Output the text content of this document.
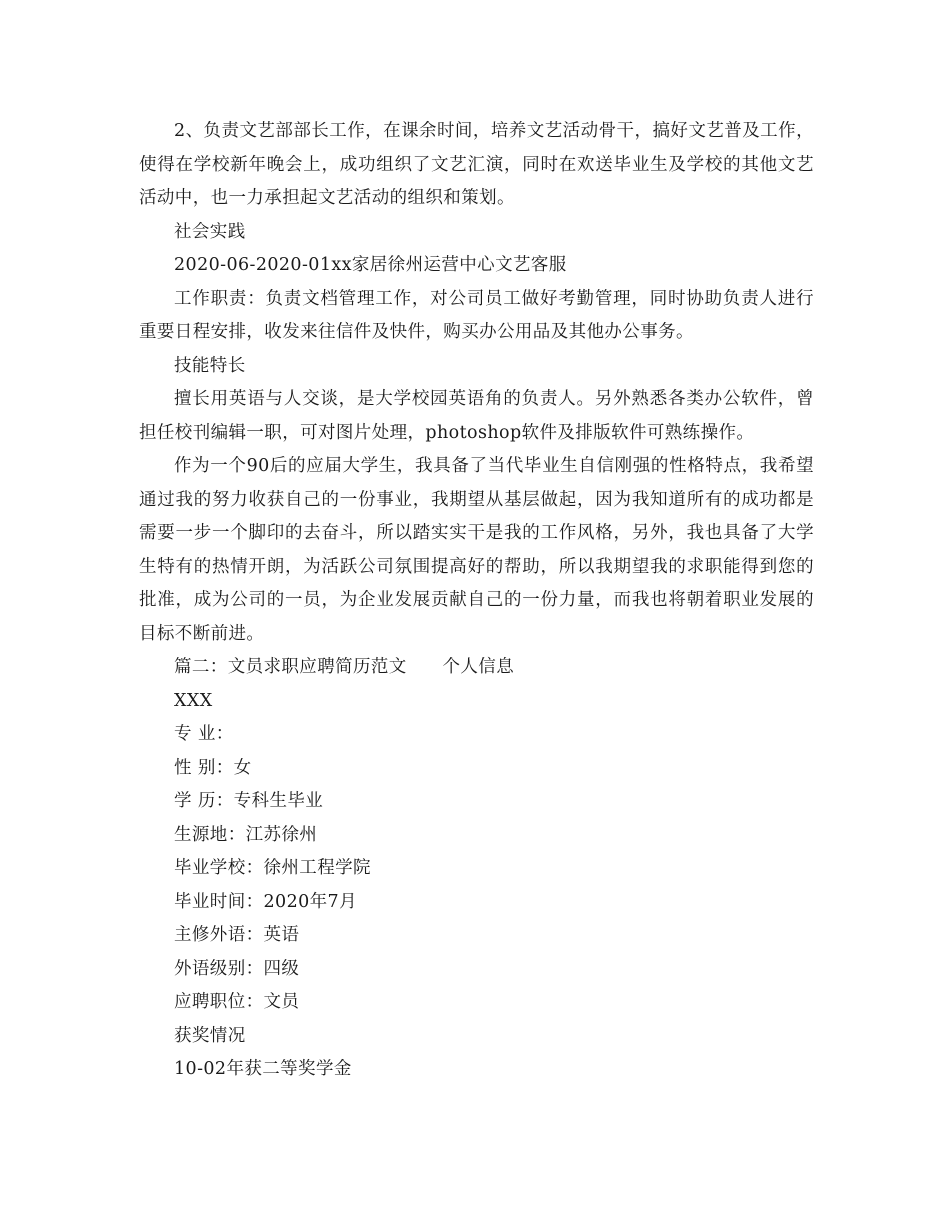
2、负责文艺部部长工作，在课余时间，培养文艺活动骨干，搞好文艺普及工作，使得在学校新年晚会上，成功组织了文艺汇演，同时在欢送毕业生及学校的其他文艺活动中，也一力承担起文艺活动的组织和策划。

社会实践

2020-06-2020-01xx家居徐州运营中心文艺客服

工作职责：负责文档管理工作，对公司员工做好考勤管理，同时协助负责人进行重要日程安排，收发来往信件及快件，购买办公用品及其他办公事务。

技能特长

擅长用英语与人交谈，是大学校园英语角的负责人。另外熟悉各类办公软件，曾担任校刊编辑一职，可对图片处理，photoshop软件及排版软件可熟练操作。

作为一个90后的应届大学生，我具备了当代毕业生自信刚强的性格特点，我希望通过我的努力收获自己的一份事业，我期望从基层做起，因为我知道所有的成功都是需要一步一个脚印的去奋斗，所以踏实实干是我的工作风格，另外，我也具备了大学生特有的热情开朗，为活跃公司氛围提高好的帮助，所以我期望我的求职能得到您的批准，成为公司的一员，为企业发展贡献自己的一份力量，而我也将朝着职业发展的目标不断前进。

篇二：文员求职应聘简历范文　　个人信息

XXX

专 业：

性 别：女

学 历：专科生毕业

生源地：江苏徐州

毕业学校：徐州工程学院

毕业时间：2020年7月

主修外语：英语

外语级别：四级

应聘职位：文员

获奖情况

10-02年获二等奖学金
